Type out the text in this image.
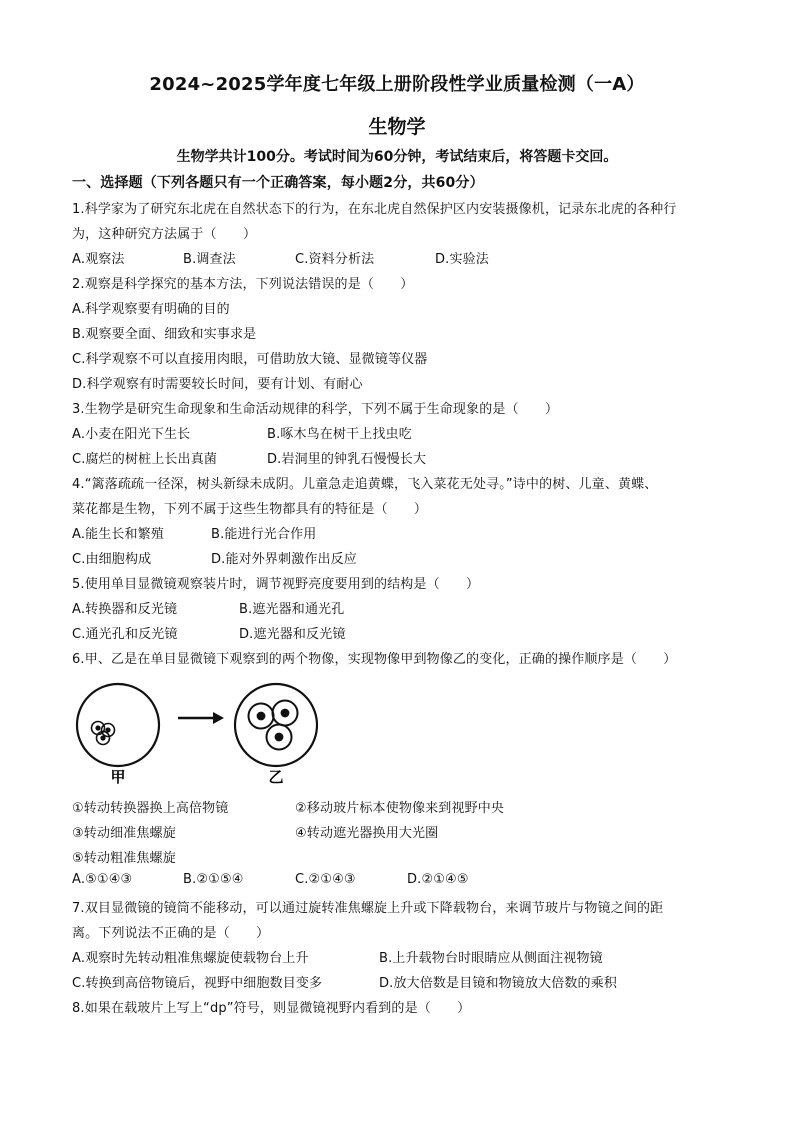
2024~2025学年度七年级上册阶段性学业质量检测（一A）
生物学
生物学共计100分。考试时间为60分钟，考试结束后，将答题卡交回。
一、选择题（下列各题只有一个正确答案，每小题2分，共60分）
1.科学家为了研究东北虎在自然状态下的行为，在东北虎自然保护区内安装摄像机，记录东北虎的各种行
为，这种研究方法属于（　　）
A.观察法	B.调查法	C.资料分析法	D.实验法
2.观察是科学探究的基本方法，下列说法错误的是（　　）
A.科学观察要有明确的目的
B.观察要全面、细致和实事求是
C.科学观察不可以直接用肉眼，可借助放大镜、显微镜等仪器
D.科学观察有时需要较长时间，要有计划、有耐心
3.生物学是研究生命现象和生命活动规律的科学，下列不属于生命现象的是（　　）
A.小麦在阳光下生长	B.啄木鸟在树干上找虫吃
C.腐烂的树桩上长出真菌	D.岩洞里的钟乳石慢慢长大
4.“篱落疏疏一径深，树头新绿未成阴。儿童急走追黄蝶，飞入菜花无处寻。”诗中的树、儿童、黄蝶、
菜花都是生物，下列不属于这些生物都具有的特征是（　　）
A.能生长和繁殖	B.能进行光合作用
C.由细胞构成	D.能对外界刺激作出反应
5.使用单目显微镜观察装片时，调节视野亮度要用到的结构是（　　）
A.转换器和反光镜	B.遮光器和通光孔
C.通光孔和反光镜	D.遮光器和反光镜
6.甲、乙是在单目显微镜下观察到的两个物像，实现物像甲到物像乙的变化，正确的操作顺序是（　　）
甲	乙
①转动转换器换上高倍物镜	②移动玻片标本使物像来到视野中央
③转动细准焦螺旋	④转动遮光器换用大光圈
⑤转动粗准焦螺旋
A.⑤①④③	B.②①⑤④	C.②①④③	D.②①④⑤
7.双目显微镜的镜筒不能移动，可以通过旋转准焦螺旋上升或下降载物台，来调节玻片与物镜之间的距
离。下列说法不正确的是（　　）
A.观察时先转动粗准焦螺旋使载物台上升	B.上升载物台时眼睛应从侧面注视物镜
C.转换到高倍物镜后，视野中细胞数目变多	D.放大倍数是目镜和物镜放大倍数的乘积
8.如果在载玻片上写上“dp”符号，则显微镜视野内看到的是（　　）
